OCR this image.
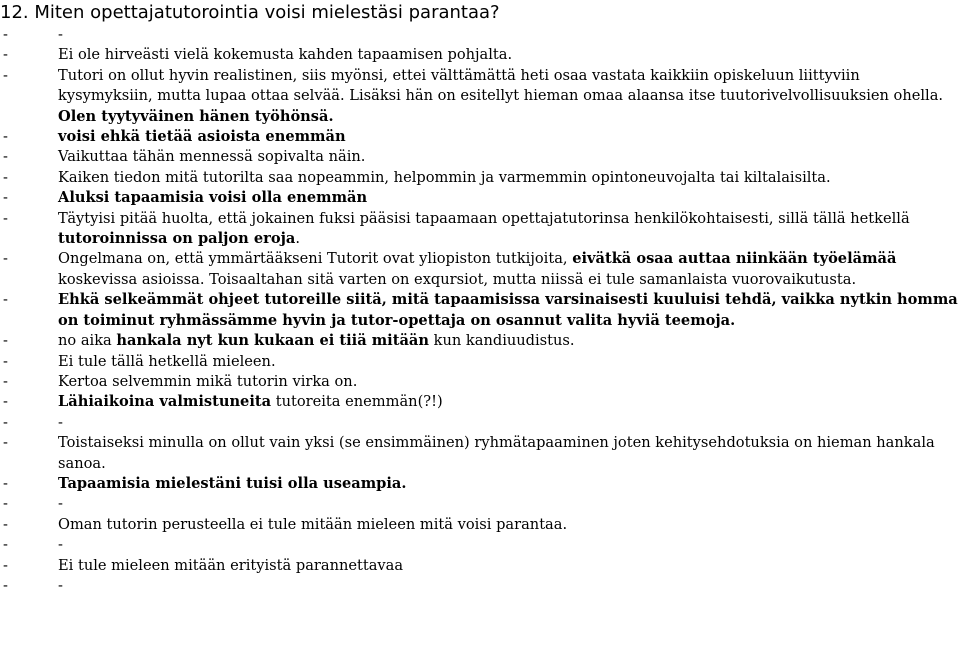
12. Miten opettajatutorointia voisi mielestäsi parantaa?
-	-
-	Ei ole hirveästi vielä kokemusta kahden tapaamisen pohjalta.
-	Tutori on ollut hyvin realistinen, siis myönsi, ettei välttämättä heti osaa vastata kaikkiin opiskeluun liittyviin kysymyksiin, mutta lupaa ottaa selvää. Lisäksi hän on esitellyt hieman omaa alaansa itse tuutorivelvollisuuksien ohella. Olen tyytyväinen hänen työhönsä.
-	voisi ehkä tietää asioista enemmän
-	Vaikuttaa tähän mennessä sopivalta näin.
-	Kaiken tiedon mitä tutorilta saa nopeammin, helpommin ja varmemmin opintoneuvojalta tai kiltalaisilta.
-	Aluksi tapaamisia voisi olla enemmän
-	Täytyisi pitää huolta, että jokainen fuksi pääsisi tapaamaan opettajatutorinsa henkilökohtaisesti, sillä tällä hetkellä tutoroinnissa on paljon eroja.
-	Ongelmana on, että ymmärtääkseni Tutorit ovat yliopiston tutkijoita, eivätkä osaa auttaa niinkään työelämää koskevissa asioissa. Toisaaltahan sitä varten on exqursiot, mutta niissä ei tule samanlaista vuorovaikutusta.
-	Ehkä selkeämmät ohjeet tutoreille siitä, mitä tapaamisissa varsinaisesti kuuluisi tehdä, vaikka nytkin homma on toiminut ryhmässämme hyvin ja tutor-opettaja on osannut valita hyviä teemoja.
-	no aika hankala nyt kun kukaan ei tiiä mitään kun kandiuudistus.
-	Ei tule tällä hetkellä mieleen.
-	Kertoa selvemmin mikä tutorin virka on.
-	Lähiaikoina valmistuneita tutoreita enemmän(?!)
-	-
-	Toistaiseksi minulla on ollut vain yksi (se ensimmäinen) ryhmätapaaminen joten kehitysehdotuksia on hieman hankala sanoa.
-	Tapaamisia mielestäni tuisi olla useampia.
-	-
-	Oman tutorin perusteella ei tule mitään mieleen mitä voisi parantaa.
-	-
-	Ei tule mieleen mitään erityistä parannettavaa
-	-
